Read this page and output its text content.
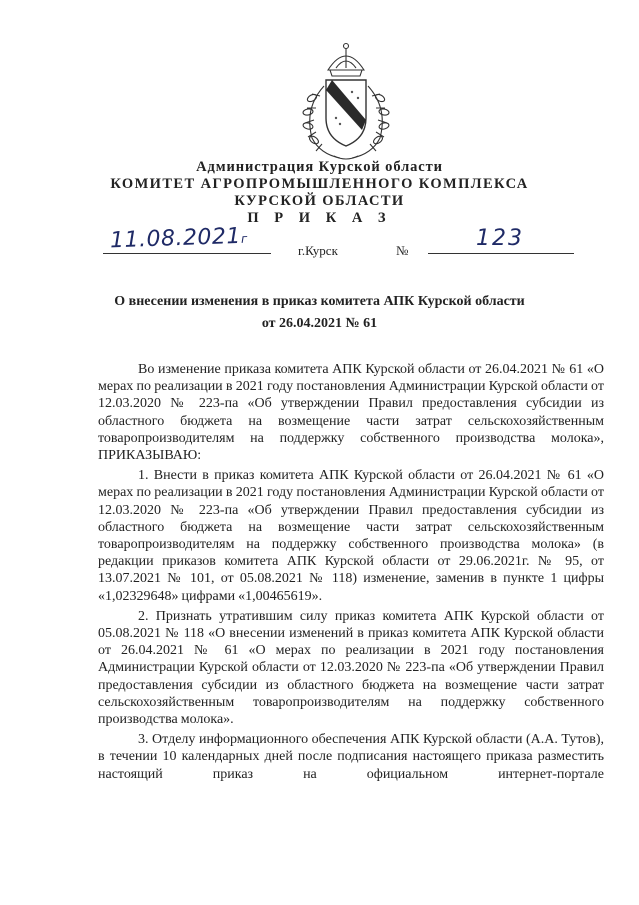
Администрация Курской области
КОМИТЕТ АГРОПРОМЫШЛЕННОГО КОМПЛЕКСА
КУРСКОЙ ОБЛАСТИ
П Р И К А З
11.08.2021г
г.Курск	№	123
О внесении изменения в приказ комитета АПК Курской области
от 26.04.2021 № 61

Во изменение приказа комитета АПК Курской области от 26.04.2021 № 61 «О мерах по реализации в 2021 году постановления Администрации Курской области от 12.03.2020 № 223-па «Об утверждении Правил предоставления субсидии из областного бюджета на возмещение части затрат сельскохозяйственным товаропроизводителям на поддержку собственного производства молока», ПРИКАЗЫВАЮ:

1. Внести в приказ комитета АПК Курской области от 26.04.2021 № 61 «О мерах по реализации в 2021 году постановления Администрации Курской области от 12.03.2020 № 223-па «Об утверждении Правил предоставления субсидии из областного бюджета на возмещение части затрат сельскохозяйственным товаропроизводителям на поддержку собственного производства молока» (в редакции приказов комитета АПК Курской области от 29.06.2021г. № 95, от 13.07.2021 № 101, от 05.08.2021 № 118) изменение, заменив в пункте 1 цифры «1,02329648» цифрами «1,00465619».

2. Признать утратившим силу приказ комитета АПК Курской области от 05.08.2021 № 118 «О внесении изменений в приказ комитета АПК Курской области от 26.04.2021 № 61 «О мерах по реализации в 2021 году постановления Администрации Курской области от 12.03.2020 № 223-па «Об утверждении Правил предоставления субсидии из областного бюджета на возмещение части затрат сельскохозяйственным товаропроизводителям на поддержку собственного производства молока».

3. Отделу информационного обеспечения АПК Курской области (А.А. Тутов), в течении 10 календарных дней после подписания настоящего приказа разместить настоящий приказ на официальном интернет-портале
